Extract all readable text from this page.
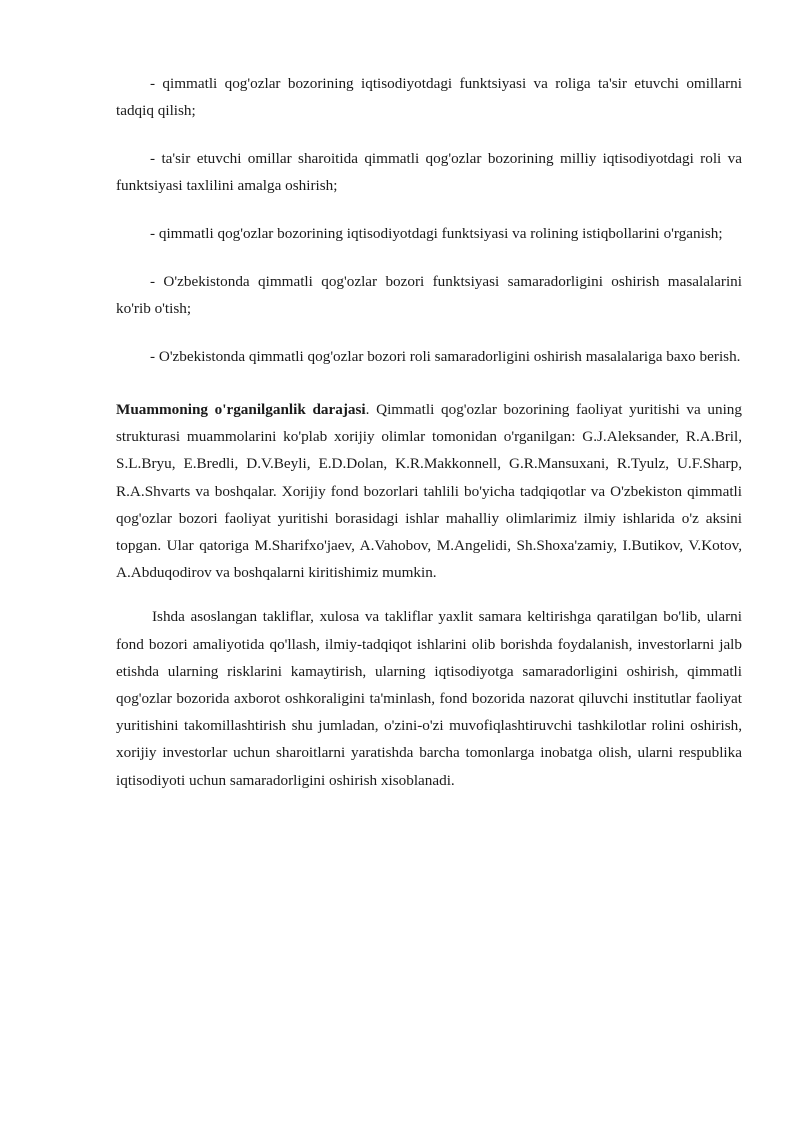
- qimmatli qog'ozlar bozorining iqtisodiyotdagi funktsiyasi va roliga ta'sir etuvchi omillarni tadqiq qilish;

- ta'sir etuvchi omillar sharoitida qimmatli qog'ozlar bozorining milliy iqtisodiyotdagi roli va funktsiyasi taxlilini amalga oshirish;

- qimmatli qog'ozlar bozorining iqtisodiyotdagi funktsiyasi va rolining istiqbollarini o'rganish;

- O'zbekistonda qimmatli qog'ozlar bozori funktsiyasi samaradorligini oshirish masalalarini ko'rib o'tish;

- O'zbekistonda qimmatli qog'ozlar bozori roli samaradorligini oshirish masalalariga baxo berish.

Muammoning o'rganilganlik darajasi. Qimmatli qog'ozlar bozorining faoliyat yuritishi va uning strukturasi muammolarini ko'plab xorijiy olimlar tomonidan o'rganilgan: G.J.Aleksander, R.A.Bril, S.L.Bryu, E.Bredli, D.V.Beyli, E.D.Dolan, K.R.Makkonnell, G.R.Mansuxani, R.Tyulz, U.F.Sharp, R.A.Shvarts va boshqalar. Xorijiy fond bozorlari tahlili bo'yicha tadqiqotlar va O'zbekiston qimmatli qog'ozlar bozori faoliyat yuritishi borasidagi ishlar mahalliy olimlarimiz ilmiy ishlarida o'z aksini topgan. Ular qatoriga M.Sharifxo'jaev, A.Vahobov, M.Angelidi, Sh.Shoxa'zamiy, I.Butikov, V.Kotov, A.Abduqodirov va boshqalarni kiritishimiz mumkin.

Ishda asoslangan takliflar, xulosa va takliflar yaxlit samara keltirishga qaratilgan bo'lib, ularni fond bozori amaliyotida qo'llash, ilmiy-tadqiqot ishlarini olib borishda foydalanish, investorlarni jalb etishda ularning risklarini kamaytirish, ularning iqtisodiyotga samaradorligini oshirish, qimmatli qog'ozlar bozorida axborot oshkoraligini ta'minlash, fond bozorida nazorat qiluvchi institutlar faoliyat yuritishini takomillashtirish shu jumladan, o'zini-o'zi muvofiqlashtiruvchi tashkilotlar rolini oshirish, xorijiy investorlar uchun sharoitlarni yaratishda barcha tomonlarga inobatga olish, ularni respublika iqtisodiyoti uchun samaradorligini oshirish xisoblanadi.
